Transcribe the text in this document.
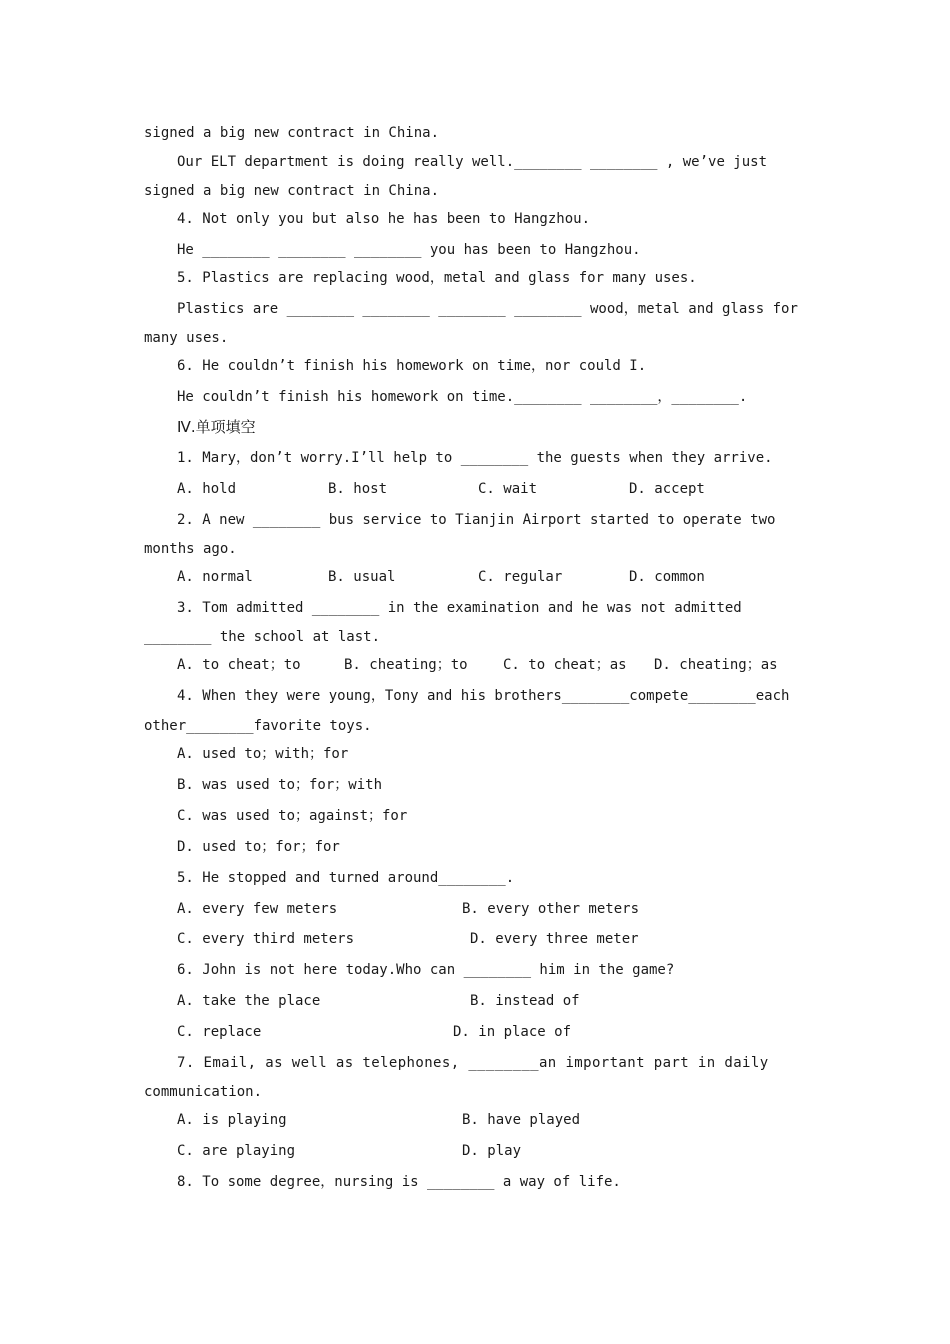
signed a big new contract in China.
Our ELT department is doing really well.________ ________ , we’ve just
signed a big new contract in China.
4. Not only you but also he has been to Hangzhou.
He ________ ________ ________ you has been to Hangzhou.
5. Plastics are replacing wood，metal and glass for many uses.
Plastics are ________ ________ ________ ________ wood，metal and glass for
many uses.
6. He couldn’t finish his homework on time，nor could I.
He couldn’t finish his homework on time.________ ________，________.
Ⅳ.单项填空
1. Mary，don’t worry.I’ll help to ________ the guests when they arrive.
A. hold	B. host	C. wait	D. accept
2. A new ________ bus service to Tianjin Airport started to operate two
months ago.
A. normal	B. usual	C. regular	D. common
3. Tom admitted ________ in the examination and he was not admitted
________ the school at last.
A. to cheat；to	B. cheating；to	C. to cheat；as D. cheating；as
4. When they were young，Tony and his brothers________compete________each
other________favorite toys.
A. used to；with；for
B. was used to；for；with
C. was used to；against；for
D. used to；for；for
5. He stopped and turned around________.
A. every few meters	B. every other meters
C. every third meters	D. every three meter
6. John is not here today.Who can ________ him in the game?
A. take the place	B. instead of
C. replace	D. in place of
7. Email, as well as telephones, ________an important part in daily
communication.
A. is playing	B. have played
C. are playing	D. play
8. To some degree，nursing is ________ a way of life.
